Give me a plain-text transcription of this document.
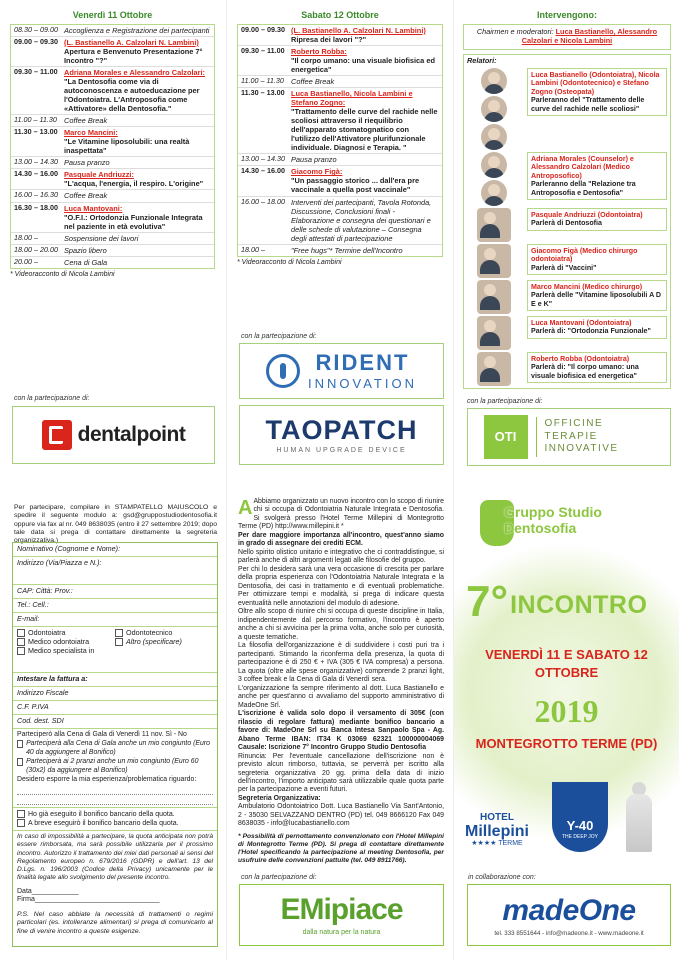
Venerdì 11 Ottobre
08.30 – 09.00 Accoglienza e Registrazione dei partecipanti
09.00 – 09.30 (L. Bastianello A. Calzolari N. Lambini)
Apertura e Benvenuto Presentazione 7° Incontro "?"
09.30 – 11.00 Adriana Morales e Alessandro Calzolari:
"La Dentosofia come via di autoconoscenza e autoeducazione per l'Odontoiatra. L'Antroposofia come «Attivatore» della Dentosofia."
11.00 – 11.30 Coffee Break
11.30 – 13.00 Marco Mancini:
"Le Vitamine liposolubili: una realtà inaspettata"
13.00 – 14.30 Pausa pranzo
14.30 – 16.00 Pasquale Andriuzzi:
"L'acqua, l'energia, il respiro. L'origine"
16.00 – 16.30 Coffee Break
16.30 – 18.00 Luca Mantovani:
"O.F.I.: Ortodonzia Funzionale Integrata nel paziente in età evolutiva"
18.00 –	Sospensione dei lavori
18.00 – 20.00 Spazio libero
20.00 –	Cena di Gala
* Videoracconto di Nicola Lambini
con la partecipazione di:
dentalpoint
Sabato 12 Ottobre
09.00 – 09.30 (L. Bastianello A. Calzolari N. Lambini)
Ripresa dei lavori "?"
09.30 – 11.00 Roberto Robba:
"Il corpo umano: una visuale biofisica ed energetica"
11.00 – 11.30 Coffee Break
11.30 – 13.00 Luca Bastianello, Nicola Lambini e Stefano Zogno:
"Trattamento delle curve del rachide nelle scoliosi attraverso il riequilibrio dell'apparato stomatognatico con l'utilizzo dell'Attivatore plurifunzionale individuale. Diagnosi e Terapia. "
13.00 – 14.30 Pausa pranzo
14.30 – 16.00 Giacomo Figà:
"Un passaggio storico ... dall'era pre vaccinale a quella post vaccinale"
16.00 – 18.00 Interventi dei partecipanti, Tavola Rotonda, Discussione, Conclusioni finali - Elaborazione e consegna dei questionari e delle schede di valutazione – Consegna degli attestati di partecipazione
18.00 –	"Free hugs"* Termine dell'Incontro
* Videoracconto di Nicola Lambini
con la partecipazione di:
RIDENT
INNOVATION
TAOPATCH
HUMAN UPGRADE DEVICE
Intervengono:
Chairmen e moderatori: Luca Bastianello, Alessandro Calzolari e Nicola Lambini
Relatori:
Luca Bastianello (Odontoiatra), Nicola Lambini (Odontotecnico) e Stefano Zogno (Osteopata)
Parleranno del "Trattamento delle curve del rachide nelle scoliosi"
Adriana Morales (Counselor) e Alessandro Calzolari (Medico Antroposofico)
Parleranno della "Relazione tra Antroposofia e Dentosofia"
Pasquale Andriuzzi (Odontoiatra)
Parlerà di Dentosofia
Giacomo Figà (Medico chirurgo odontoiatra)
Parlerà di "Vaccini"
Marco Mancini (Medico chirurgo)
Parlerà delle "Vitamine liposolubili A D E e K"
Luca Mantovani (Odontoiatra)
Parlerà di: "Ortodonzia Funzionale"
Roberto Robba (Odontoiatra)
Parlerà di: "Il corpo umano: una visuale biofisica ed energetica"
con la partecipazione di:
OTI
OFFICINE TERAPIE INNOVATIVE
Per partecipare, compilare in STAMPATELLO MAIUSCOLO e spedire il seguente modulo a: gsd@gruppostudiodentosofia.it oppure via fax al nr. 049 8638035 (entro il 27 settembre 2019; dopo tale data si prega di contattare direttamente la segreteria organizzativa.)
Nominativo (Cognome e Nome):
Indirizzo (Via/Piazza e N.):
CAP: Città: Prov.:
Tel.: Cell.:
E-mail:
Odontoiatra
Medico odontoiatra
Medico specialista in
Odontotecnico
Altro (specificare)
Intestare la fattura a:
Indirizzo Fiscale
C.F. P.IVA
Cod. dest. SDI
Parteciperò alla Cena di Gala di Venerdì 11 nov. Sì - No
Parteciperà alla Cena di Gala anche un mio congiunto (Euro 40 da aggiungere al Bonifico)
Parteciperà ai 2 pranzi anche un mio congiunto (Euro 60 (30x2) da aggiungere al Bonifico)
Desidero esporre la mia esperienza/problematica riguardo:
Ho già eseguito il bonifico bancario della quota.
A breve eseguirò il bonifico bancario della quota.
In caso di impossibilità a partecipare, la quota anticipata non potrà essere rimborsata, ma sarà possibile utilizzarla per il prossimo incontro. Autorizzo il trattamento dei miei dati personali ai sensi del Regolamento europeo n. 679/2016 (GDPR) e dell'art. 13 del D.Lgs. n. 196/2003 (Codice della Privacy) unicamente per le finalità legate allo svolgimento del presente incontro.
Data____________ Firma________________________________
P.S. Nel caso abbiate la necessità di trattamenti o regimi particolari (es. intolleranze alimentari) si prega di comunicarlo al fine di venire incontro a queste esigenze.
A Abbiamo organizzato un nuovo incontro con lo scopo di riunire chi si occupa di Odontoiatria Naturale Integrata e Dentosofia. Si svolgerà presso l'Hotel Terme Millepini di Montegrotto Terme (PD) http://www.millepini.it *
Per dare maggiore importanza all'incontro, quest'anno siamo in grado di assegnare dei crediti ECM.
Nello spirito olistico unitario e integrativo che ci contraddistingue, si parlerà anche di altri argomenti legati alle filosofie del gruppo.
Per chi lo desidera sarà una vera occasione di crescita per parlare della propria esperienza con l'Odontoiatria Naturale Integrata e la Dentosofia, dei casi in trattamento e di eventuali problematiche. Per ottimizzare tempi e modalità, si prega di indicare questa eventualità nelle annotazioni del modulo di adesione.
Oltre allo scopo di riunire chi si occupa di queste discipline in Italia, indipendentemente dal percorso formativo, l'incontro è aperto anche a chi si avvicina per la prima volta, anche solo per curiosità, a queste tematiche.
La filosofia dell'organizzazione è di suddividere i costi puri tra i partecipanti. Stimando la riconferma della presenza, la quota di partecipazione è di 250 € + IVA (305 € IVA compresa) a persona. La quota (oltre alle spese organizzative) comprende 2 pranzi light, 3 coffee break e la Cena di Gala di Venerdì sera.
L'organizzazione fa sempre riferimento al dott. Luca Bastianello e anche per quest'anno ci avvaliamo del supporto amministrativo di MadeOne Srl.
L'iscrizione è valida solo dopo il versamento di 305€ (con rilascio di regolare fattura) mediante bonifico bancario a favore di: MadeOne Srl su Banca Intesa Sanpaolo Spa - Ag. Abano Terme IBAN: IT34 K 03069 62321 100000004069 Causale: Iscrizione 7° Incontro Gruppo Studio Dentosofia
Rinuncia: Per l'eventuale cancellazione dell'iscrizione non è previsto alcun rimborso, tuttavia, se perverrà per iscritto alla segreteria organizzativa 20 gg. prima della data di inizio dell'incontro, l'importo anticipato sarà utilizzabile quale quota parte per la partecipazione a eventi futuri.
Segreteria Organizzativa:
Ambulatorio Odontoiatrico Dott. Luca Bastianello Via Sant'Antonio, 2 - 35030 SELVAZZANO DENTRO (PD) tel. 049 8666120 Fax 049 8638035 - info@lucabastianello.com
* Possibilità di pernottamento convenzionato con l'Hotel Millepini di Montegrotto Terme (PD). Si prega di contattare direttamente l'Hotel specificando la partecipazione al meeting Dentosofia, per usufruire delle convenzioni pattuite (tel. 049 8911766).
con la partecipazione di:
EMipiace
dalla natura per la natura
Gruppo Studio
Dentosofia
7° INCONTRO
VENERDÌ 11 E SABATO 12
OTTOBRE
2019
MONTEGROTTO TERME (PD)
HOTEL
Millepini
★★★★ TERME
Y-40
THE DEEP JOY
in collaborazione con:
madeOne
tel. 333 8551644 - info@madeone.it - www.madeone.it
